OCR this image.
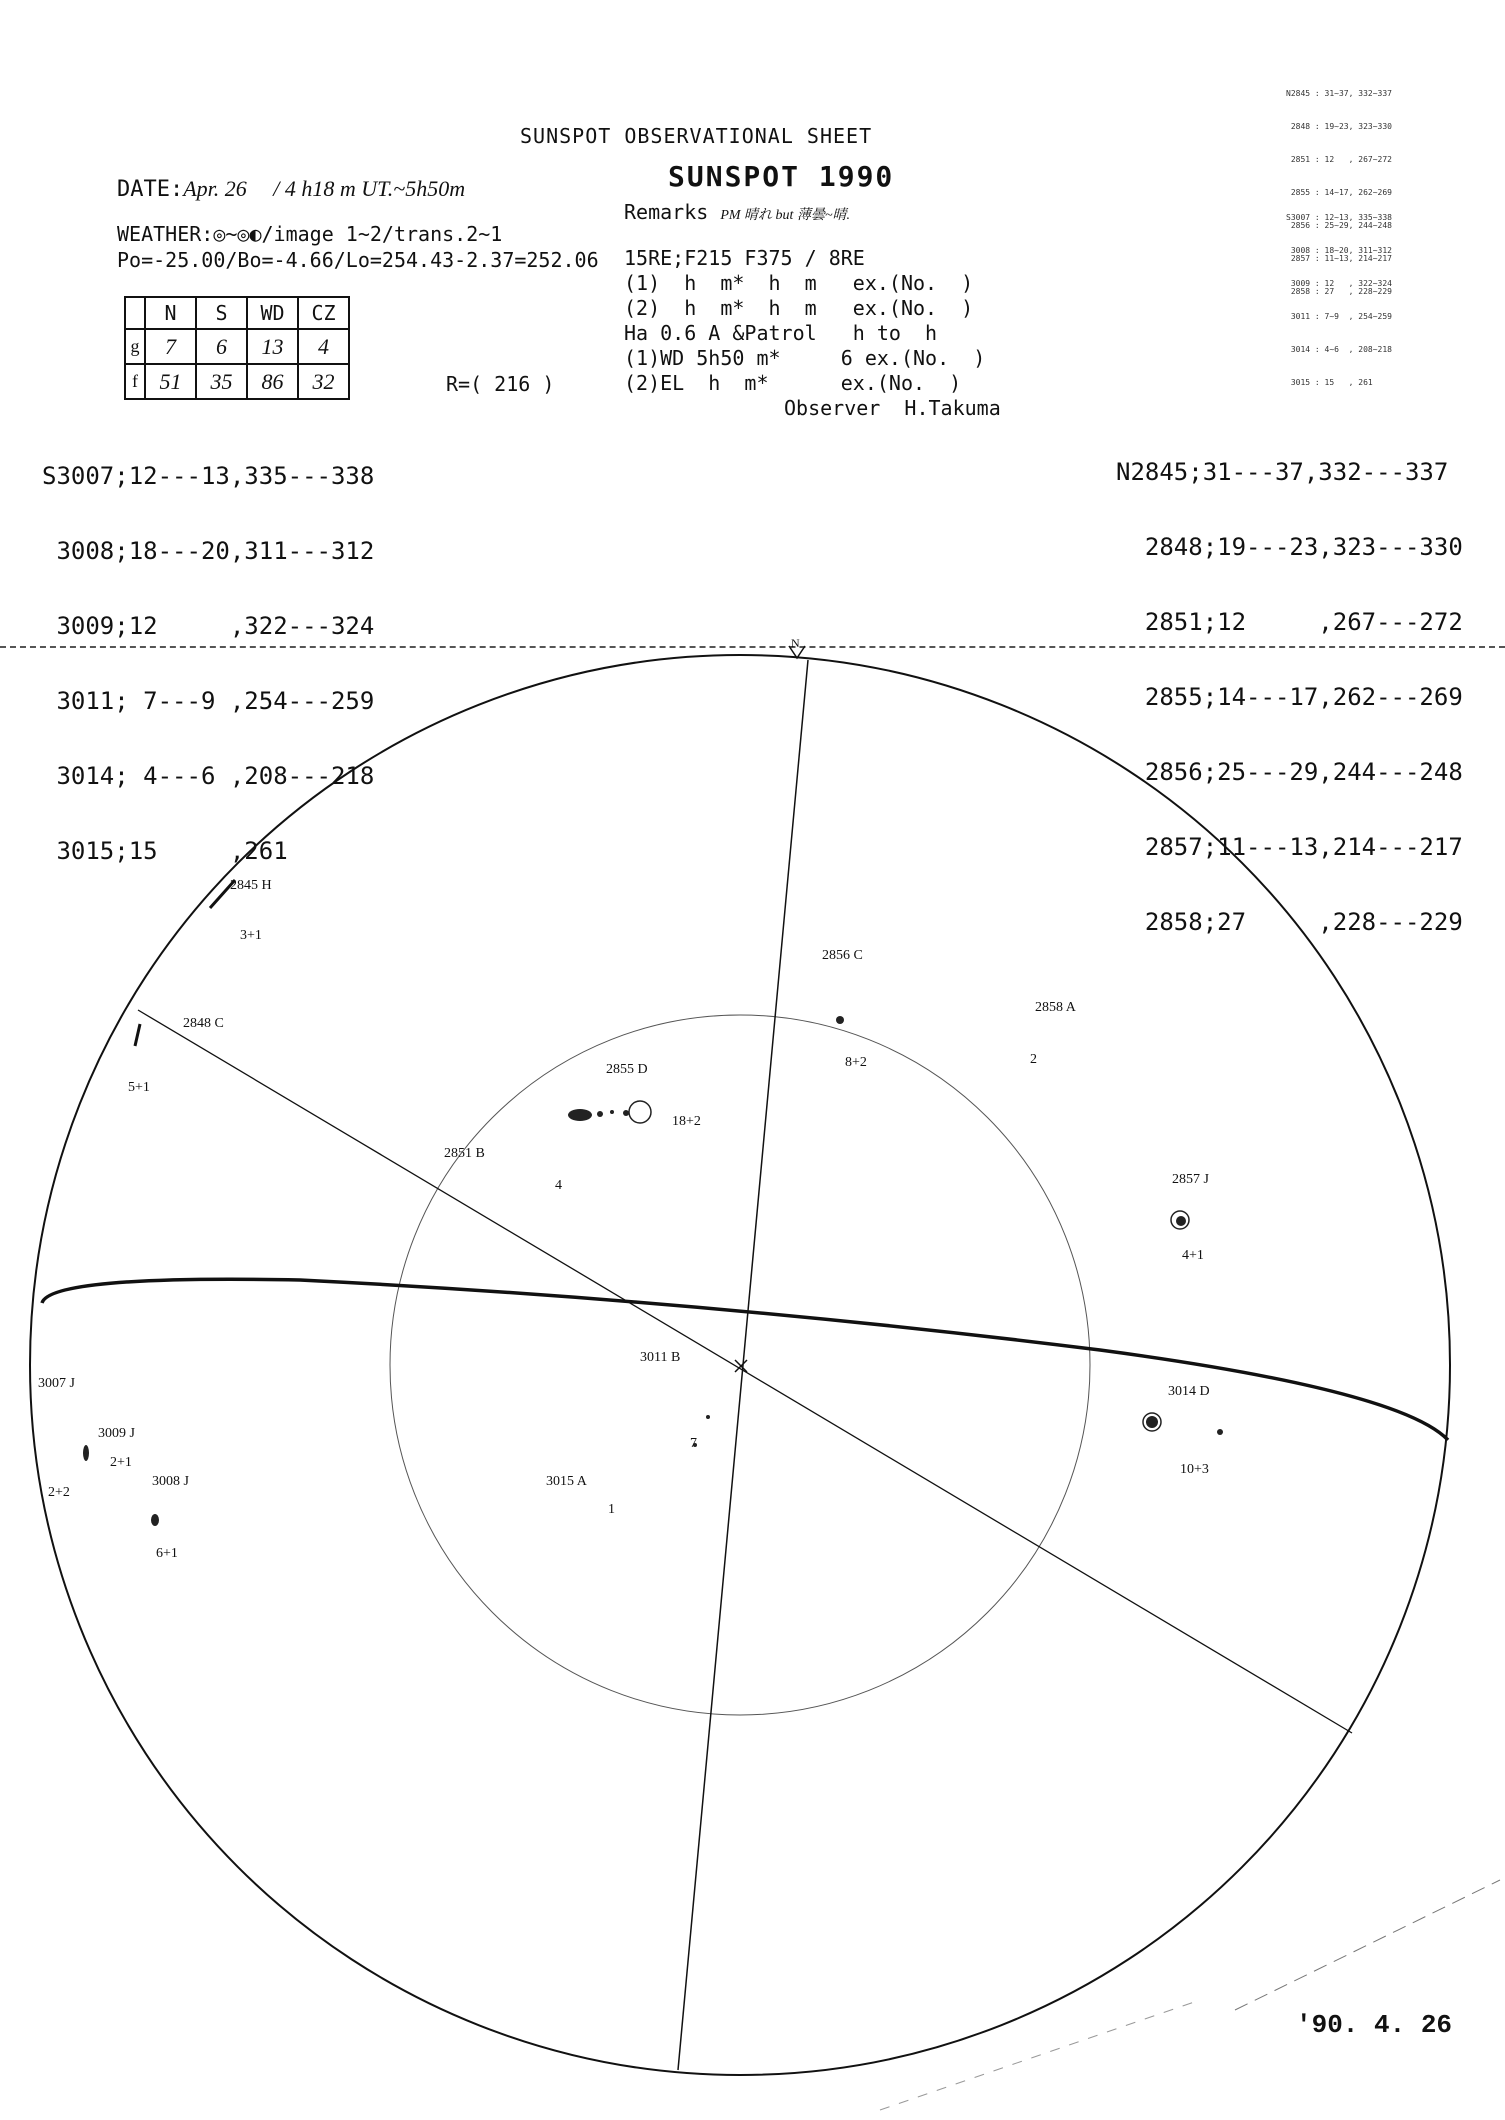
SUNSPOT OBSERVATIONAL SHEET
SUNSPOT 1990
DATE:Apr. 26 / 4 h18 m UT.~5h50m
WEATHER:◎~◎◐/image 1~2/trans.2~1
Po=-25.00/Bo=-4.66/Lo=254.43-2.37=252.06
Remarks PM 晴れ but 薄曇~晴.
15RE;F215 F375 / 8RE
(1)  h  m*  h  m   ex.(No.  )
(2)  h  m*  h  m   ex.(No.  )
Ha 0.6 A &Patrol   h to  h
(1)WD 5h50 m*     6 ex.(No.  )
(2)EL  h  m*      ex.(No.  )
Observer  H.Takuma
	N	S	WD	CZ
g	7	6	13	4
f	51	35	86	32	R=( 216 )

S3007;12---13,335---338

3008;18---20,311---312

3009;12     ,322---324

3011; 7---9 ,254---259

3014; 4---6 ,208---218

3015;15     ,261

N2845;31---37,332---337

2848;19---23,323---330

2851;12     ,267---272

2855;14---17,262---269

2856;25---29,244---248

2857;11---13,214---217

2858;27     ,228---229

N2845 : 31~37, 332~337

2848 : 19~23, 323~330

2851 : 12   , 267~272

2855 : 14~17, 262~269

2856 : 25~29, 244~248

2857 : 11~13, 214~217

2858 : 27   , 228~229

S3007 : 12~13, 335~338

3008 : 18~20, 311~312

3009 : 12   , 322~324

3011 : 7~9  , 254~259

3014 : 4~6  , 208~218

3015 : 15   , 261

2845 H
3+1
2848 C
5+1
2851 B
4
2855 D
18+2
2856 C
8+2
2858 A
2
2857 J
4+1
3007 J
2+2
3009 J
2+1
3008 J
6+1
3011 B
7
3015 A
1
3014 D
10+3
N
'90. 4. 26
